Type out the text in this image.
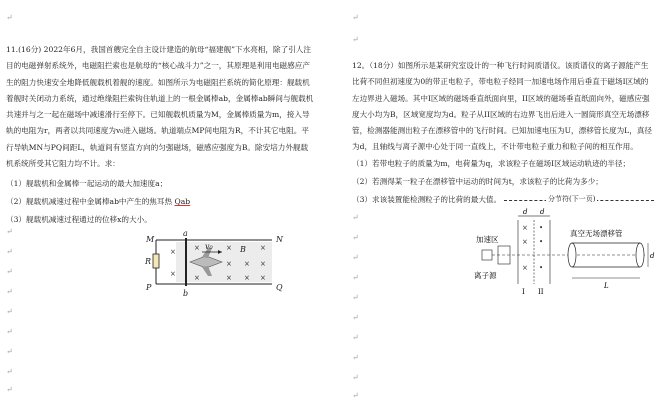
↵

11.(16分) 2022年6月，我国首艘完全自主设计建造的航母“福建舰”下水亮相，除了引人注目的电磁弹射系统外，电磁阻拦索也是航母的“核心战斗力”之一，其原理是利用电磁感应产生的阻力快速安全地降低舰载机着舰的速度。如图所示为电磁阻拦系统的简化原理：舰载机着舰时关闭动力系统，通过绝缘阻拦索钩住轨道上的一根金属棒ab，金属棒ab瞬间与舰载机共速并与之一起在磁场中减速滑行至停下。已知舰载机质量为M，金属棒质量为m，接入导轨的电阻为r，两者以共同速度为v₀进入磁场。轨道端点MP间电阻为R，不计其它电阻。平行导轨MN与PQ间距L，轨道间有竖直方向的匀强磁场，磁感应强度为B。除安培力外舰载机系统所受其它阻力均不计。求：

（1）舰载机和金属棒一起运动的最大加速度a；
（2）舰载机减速过程中金属棒ab中产生的焦耳热 Qab
（3）舰载机减速过程通过的位移x的大小。
×
×
×
×
×
×
×
×
×
×
×
×
M	N
P	Q
R
a
b
v₀	B
↵
↵
↵
↵
↵
↵
↵
↵
↵
↵
↵

12。（18分）如图所示是某研究室设计的一种飞行时间质谱仪。该质谱仪的离子源能产生比荷不同但初速度为0的带正电粒子，带电粒子经同一加速电场作用后垂直于磁场I区域的左边界进入磁场。其中I区域的磁场垂直纸面向里，II区域的磁场垂直纸面向外，磁感应强度大小均为B，区域宽度均为d。粒子从II区域的右边界飞出后进入一圆筒形真空无场漂移管，检测器能测出粒子在漂移管中的飞行时间。已知加速电压为U，漂移管长度为L，真径为d，且轴线与离子源中心处于同一直线上，不计带电粒子重力和粒子间的相互作用。

（1）若带电粒子的质量为m，电荷量为q，求该粒子在磁场I区域运动轨迹的半径；
（2）若测得某一粒子在漂移管中运动的时间为t，求该粒子的比荷为多少；
（3）求该装置能检测粒子的比荷的最大值。	分节符(下一页)
d d
加速区
离子源
×
×
×
•
•
•
I II
真空无场漂移管
d
L
↵
↵
↵
↵
↵
↵
↵
↵
↵
↵
